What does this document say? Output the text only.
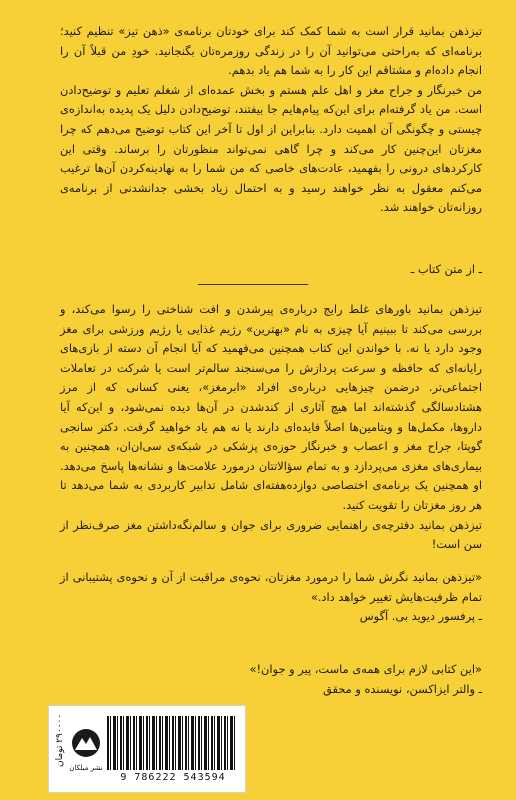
تیزذهن بمانید قرار است به شما کمک کند برای خودتان برنامه‌ی «ذهن تیز» تنظیم کنید؛ برنامه‌ای که به‌راحتی می‌توانید آن را در زندگی روزمره‌تان بگنجانید. خودِ من قبلاً آن را انجام داده‌ام و مشتاقم این کار را به شما هم یاد بدهم.

من خبرنگار و جراح مغز و اهل علم هستم و بخش عمده‌ای از شغلم تعلیم و توضیح‌دادن است. من یاد گرفته‌ام برای این‌که پیام‌هایم جا بیفتند، توضیح‌دادن دلیل یک پدیده به‌اندازه‌ی چیستی و چگونگی آن اهمیت دارد. بنابراین از اول تا آخر این کتاب توضیح می‌دهم که چرا مغزتان این‌چنین کار می‌کند و چرا گاهی نمی‌تواند منظورتان را برساند. وقتی این کارکردهای درونی را بفهمید، عادت‌های خاصی که من شما را به نهادینه‌کردن آن‌ها ترغیب می‌کنم معقول به نظر خواهند رسید و به احتمال زیاد بخشی جدانشدنی از برنامه‌ی روزانه‌تان خواهند شد.

ـ از متن کتاب ـ

تیزذهن بمانید باورهای غلط رایج درباره‌ی پیرشدن و افت شناختی را رسوا می‌کند، و بررسی می‌کند تا ببینیم آیا چیزی به نام «بهترین» رژیم غذایی یا رژیم ورزشی برای مغز وجود دارد یا نه. با خواندن این کتاب همچنین می‌فهمید که آیا انجام آن دسته از بازی‌های رایانه‌ای که حافظه و سرعت پردازش را می‌سنجند سالم‌تر است یا شرکت در تعاملات اجتماعی‌تر. درضمن چیزهایی درباره‌ی افراد «ابرمغز»، یعنی کسانی که از مرز هشتادسالگی گذشته‌اند اما هیچ آثاری از کندشدن در آن‌ها دیده نمی‌شود، و این‌که آیا داروها، مکمل‌ها و ویتامین‌ها اصلاً فایده‌ای دارند یا نه هم یاد خواهید گرفت. دکتر سانجی گوپتا، جراح مغز و اعصاب و خبرنگار حوزه‌ی پزشکی در شبکه‌ی سی‌ان‌ان، همچنین به بیماری‌های مغزی می‌پردازد و به تمام سؤالاتتان درمورد علامت‌ها و نشانه‌ها پاسخ می‌دهد. او همچنین یک برنامه‌ی اختصاصی دوازده‌هفته‌ای شامل تدابیر کاربردی به شما می‌دهد تا هر روز مغزتان را تقویت کنید.

تیزذهن بمانید دفترچه‌ی راهنمایی ضروری برای جوان و سالم‌نگه‌داشتن مغز صرف‌نظر از سن است!

«تیزذهن بمانید نگرش شما را درمورد مغزتان، نحوه‌ی مراقبت از آن و نحوه‌ی پشتیبانی از تمام ظرفیت‌هایش تغییر خواهد داد.»

ـ پرفسور دیوید بی. آگوس

«این کتابی لازم برای همه‌ی ماست، پیر و جوان!»

ـ والتر ایزاکسن، نویسنده و محقق

۲۹۰۰۰۰ تومان
نشر میلکان
9 786222 543594
